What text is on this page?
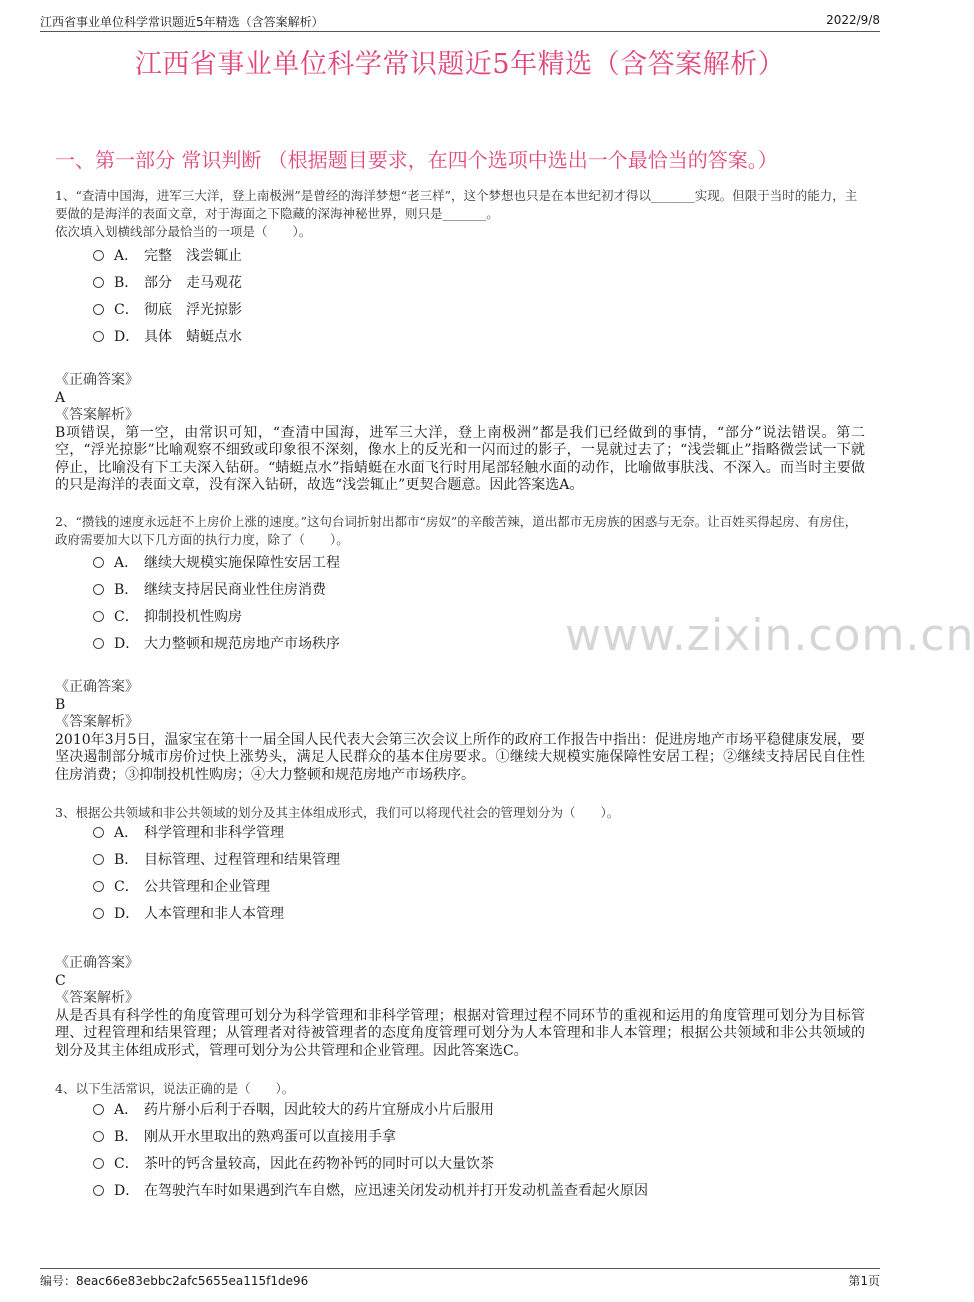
江西省事业单位科学常识题近5年精选（含答案解析）	2022/9/8
江西省事业单位科学常识题近5年精选（含答案解析）
一、第一部分 常识判断 （根据题目要求，在四个选项中选出一个最恰当的答案。）
1、“查清中国海，进军三大洋，登上南极洲”是曾经的海洋梦想“老三样”，这个梦想也只是在本世纪初才得以_______实现。但限于当时的能力，主要做的是海洋的表面文章，对于海面之下隐藏的深海神秘世界，则只是_______。
依次填入划横线部分最恰当的一项是（　　）。
A． 完整　浅尝辄止
B． 部分　走马观花
C． 彻底　浮光掠影
D． 具体　蜻蜓点水
《正确答案》
A
《答案解析》
B项错误，第一空，由常识可知，“查清中国海，进军三大洋，登上南极洲”都是我们已经做到的事情，“部分”说法错误。第二空，“浮光掠影”比喻观察不细致或印象很不深刻，像水上的反光和一闪而过的影子，一晃就过去了；“浅尝辄止”指略微尝试一下就停止，比喻没有下工夫深入钻研。“蜻蜓点水”指蜻蜓在水面飞行时用尾部轻触水面的动作，比喻做事肤浅、不深入。而当时主要做的只是海洋的表面文章，没有深入钻研，故选“浅尝辄止”更契合题意。因此答案选A。
2、“攒钱的速度永远赶不上房价上涨的速度。”这句台词折射出都市“房奴”的辛酸苦辣，道出都市无房族的困惑与无奈。让百姓买得起房、有房住，政府需要加大以下几方面的执行力度，除了（　　）。
A． 继续大规模实施保障性安居工程
B． 继续支持居民商业性住房消费
C． 抑制投机性购房
D． 大力整顿和规范房地产市场秩序
《正确答案》
B
《答案解析》
2010年3月5日，温家宝在第十一届全国人民代表大会第三次会议上所作的政府工作报告中指出：促进房地产市场平稳健康发展，要坚决遏制部分城市房价过快上涨势头，满足人民群众的基本住房要求。①继续大规模实施保障性安居工程；②继续支持居民自住性住房消费；③抑制投机性购房；④大力整顿和规范房地产市场秩序。
3、根据公共领域和非公共领域的划分及其主体组成形式，我们可以将现代社会的管理划分为（　　）。
A． 科学管理和非科学管理
B． 目标管理、过程管理和结果管理
C． 公共管理和企业管理
D． 人本管理和非人本管理
《正确答案》
C
《答案解析》
从是否具有科学性的角度管理可划分为科学管理和非科学管理；根据对管理过程不同环节的重视和运用的角度管理可划分为目标管理、过程管理和结果管理；从管理者对待被管理者的态度角度管理可划分为人本管理和非人本管理；根据公共领域和非公共领域的划分及其主体组成形式，管理可划分为公共管理和企业管理。因此答案选C。
4、以下生活常识，说法正确的是（　　）。
A． 药片掰小后利于吞咽，因此较大的药片宜掰成小片后服用
B． 刚从开水里取出的熟鸡蛋可以直接用手拿
C． 茶叶的钙含量较高，因此在药物补钙的同时可以大量饮茶
D． 在驾驶汽车时如果遇到汽车自燃，应迅速关闭发动机并打开发动机盖查看起火原因
www.zixin.com.cn
编号：8eac66e83ebbc2afc5655ea115f1de96	第1页
